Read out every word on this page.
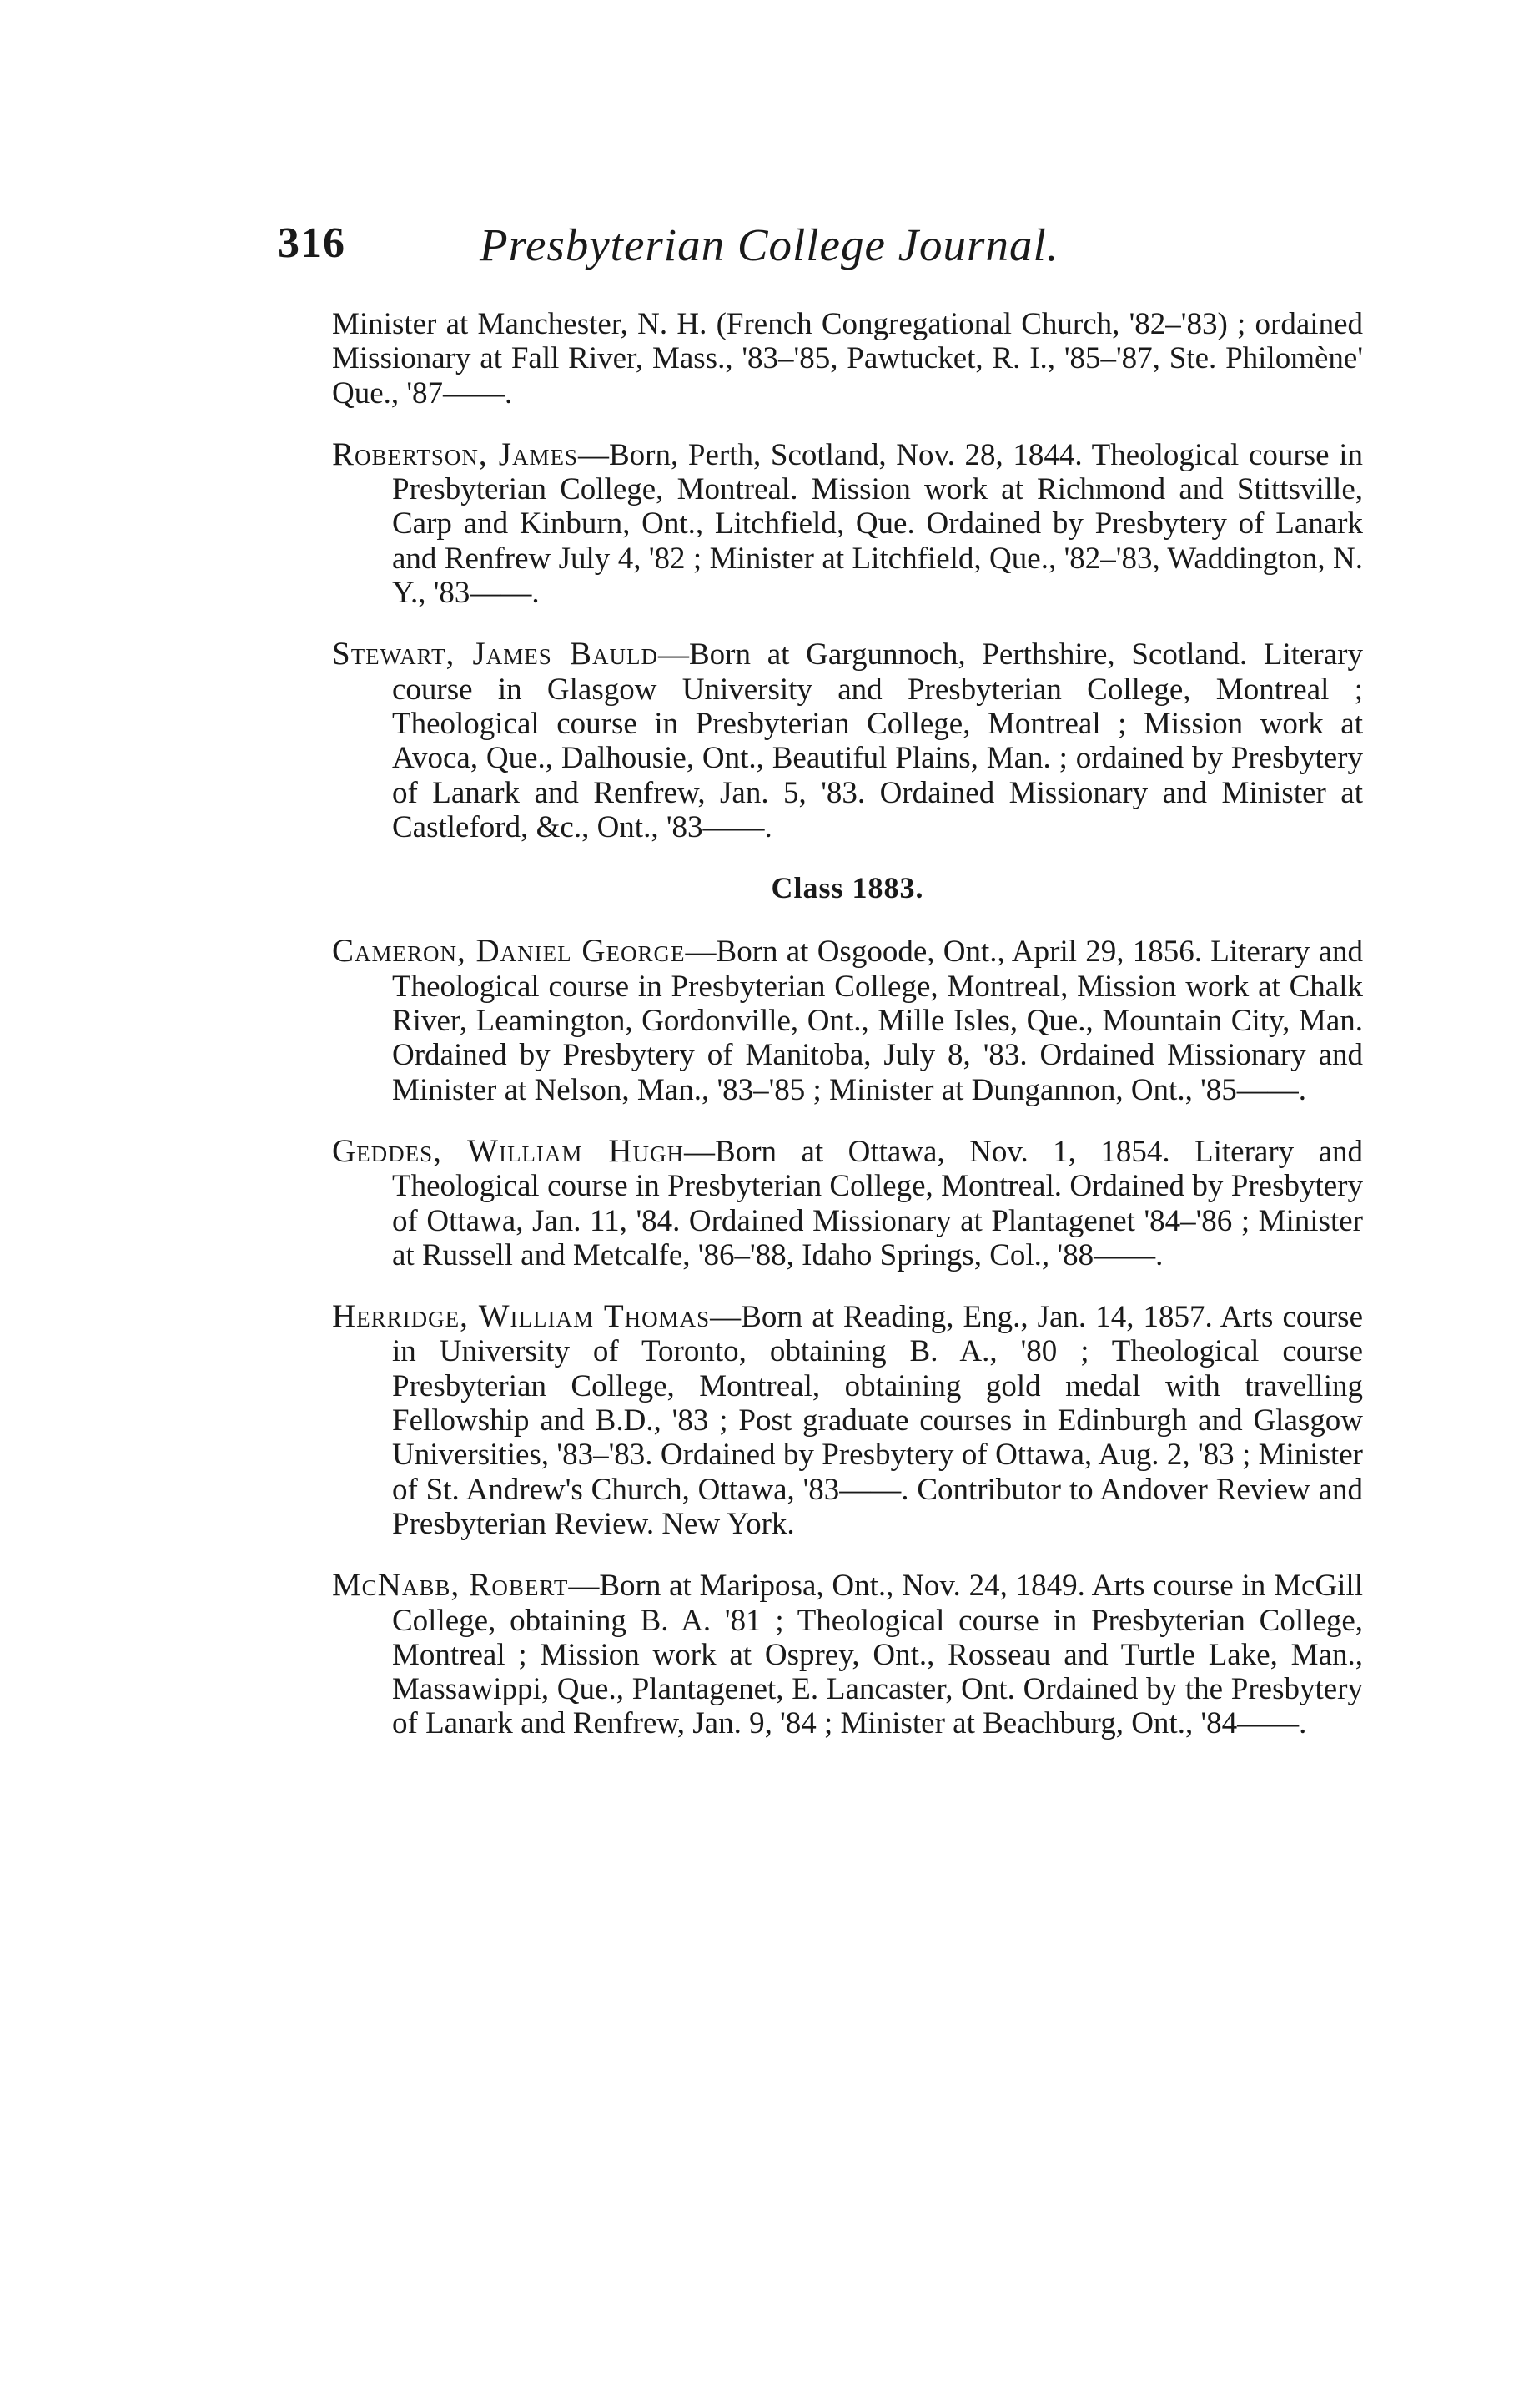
316	Presbyterian College Journal.

Minister at Manchester, N. H. (French Congregational Church, '82–'83) ; ordained Missionary at Fall River, Mass., '83–'85, Pawtucket, R. I., '85–'87, Ste. Philomène' Que., '87——.

Robertson, James—Born, Perth, Scotland, Nov. 28, 1844. Theological course in Presbyterian College, Montreal. Mission work at Richmond and Stittsville, Carp and Kinburn, Ont., Litchfield, Que. Ordained by Presbytery of Lanark and Renfrew July 4, '82 ; Minister at Litchfield, Que., '82–'83, Waddington, N. Y., '83——.

Stewart, James Bauld—Born at Gargunnoch, Perthshire, Scotland. Literary course in Glasgow University and Presbyterian College, Montreal ; Theological course in Presbyterian College, Montreal ; Mission work at Avoca, Que., Dalhousie, Ont., Beautiful Plains, Man. ; ordained by Presbytery of Lanark and Renfrew, Jan. 5, '83. Ordained Missionary and Minister at Castleford, &c., Ont., '83——.

Class 1883.

Cameron, Daniel George—Born at Osgoode, Ont., April 29, 1856. Literary and Theological course in Presbyterian College, Montreal, Mission work at Chalk River, Leamington, Gordonville, Ont., Mille Isles, Que., Mountain City, Man. Ordained by Presbytery of Manitoba, July 8, '83. Ordained Missionary and Minister at Nelson, Man., '83–'85 ; Minister at Dungannon, Ont., '85——.

Geddes, William Hugh—Born at Ottawa, Nov. 1, 1854. Literary and Theological course in Presbyterian College, Montreal. Ordained by Presbytery of Ottawa, Jan. 11, '84. Ordained Missionary at Plantagenet '84–'86 ; Minister at Russell and Metcalfe, '86–'88, Idaho Springs, Col., '88——.

Herridge, William Thomas—Born at Reading, Eng., Jan. 14, 1857. Arts course in University of Toronto, obtaining B. A., '80 ; Theological course Presbyterian College, Montreal, obtaining gold medal with travelling Fellowship and B.D., '83 ; Post graduate courses in Edinburgh and Glasgow Universities, '83–'83. Ordained by Presbytery of Ottawa, Aug. 2, '83 ; Minister of St. Andrew's Church, Ottawa, '83——. Contributor to Andover Review and Presbyterian Review. New York.

McNabb, Robert—Born at Mariposa, Ont., Nov. 24, 1849. Arts course in McGill College, obtaining B. A. '81 ; Theological course in Presbyterian College, Montreal ; Mission work at Osprey, Ont., Rosseau and Turtle Lake, Man., Massawippi, Que., Plantagenet, E. Lancaster, Ont. Ordained by the Presbytery of Lanark and Renfrew, Jan. 9, '84 ; Minister at Beachburg, Ont., '84——.
